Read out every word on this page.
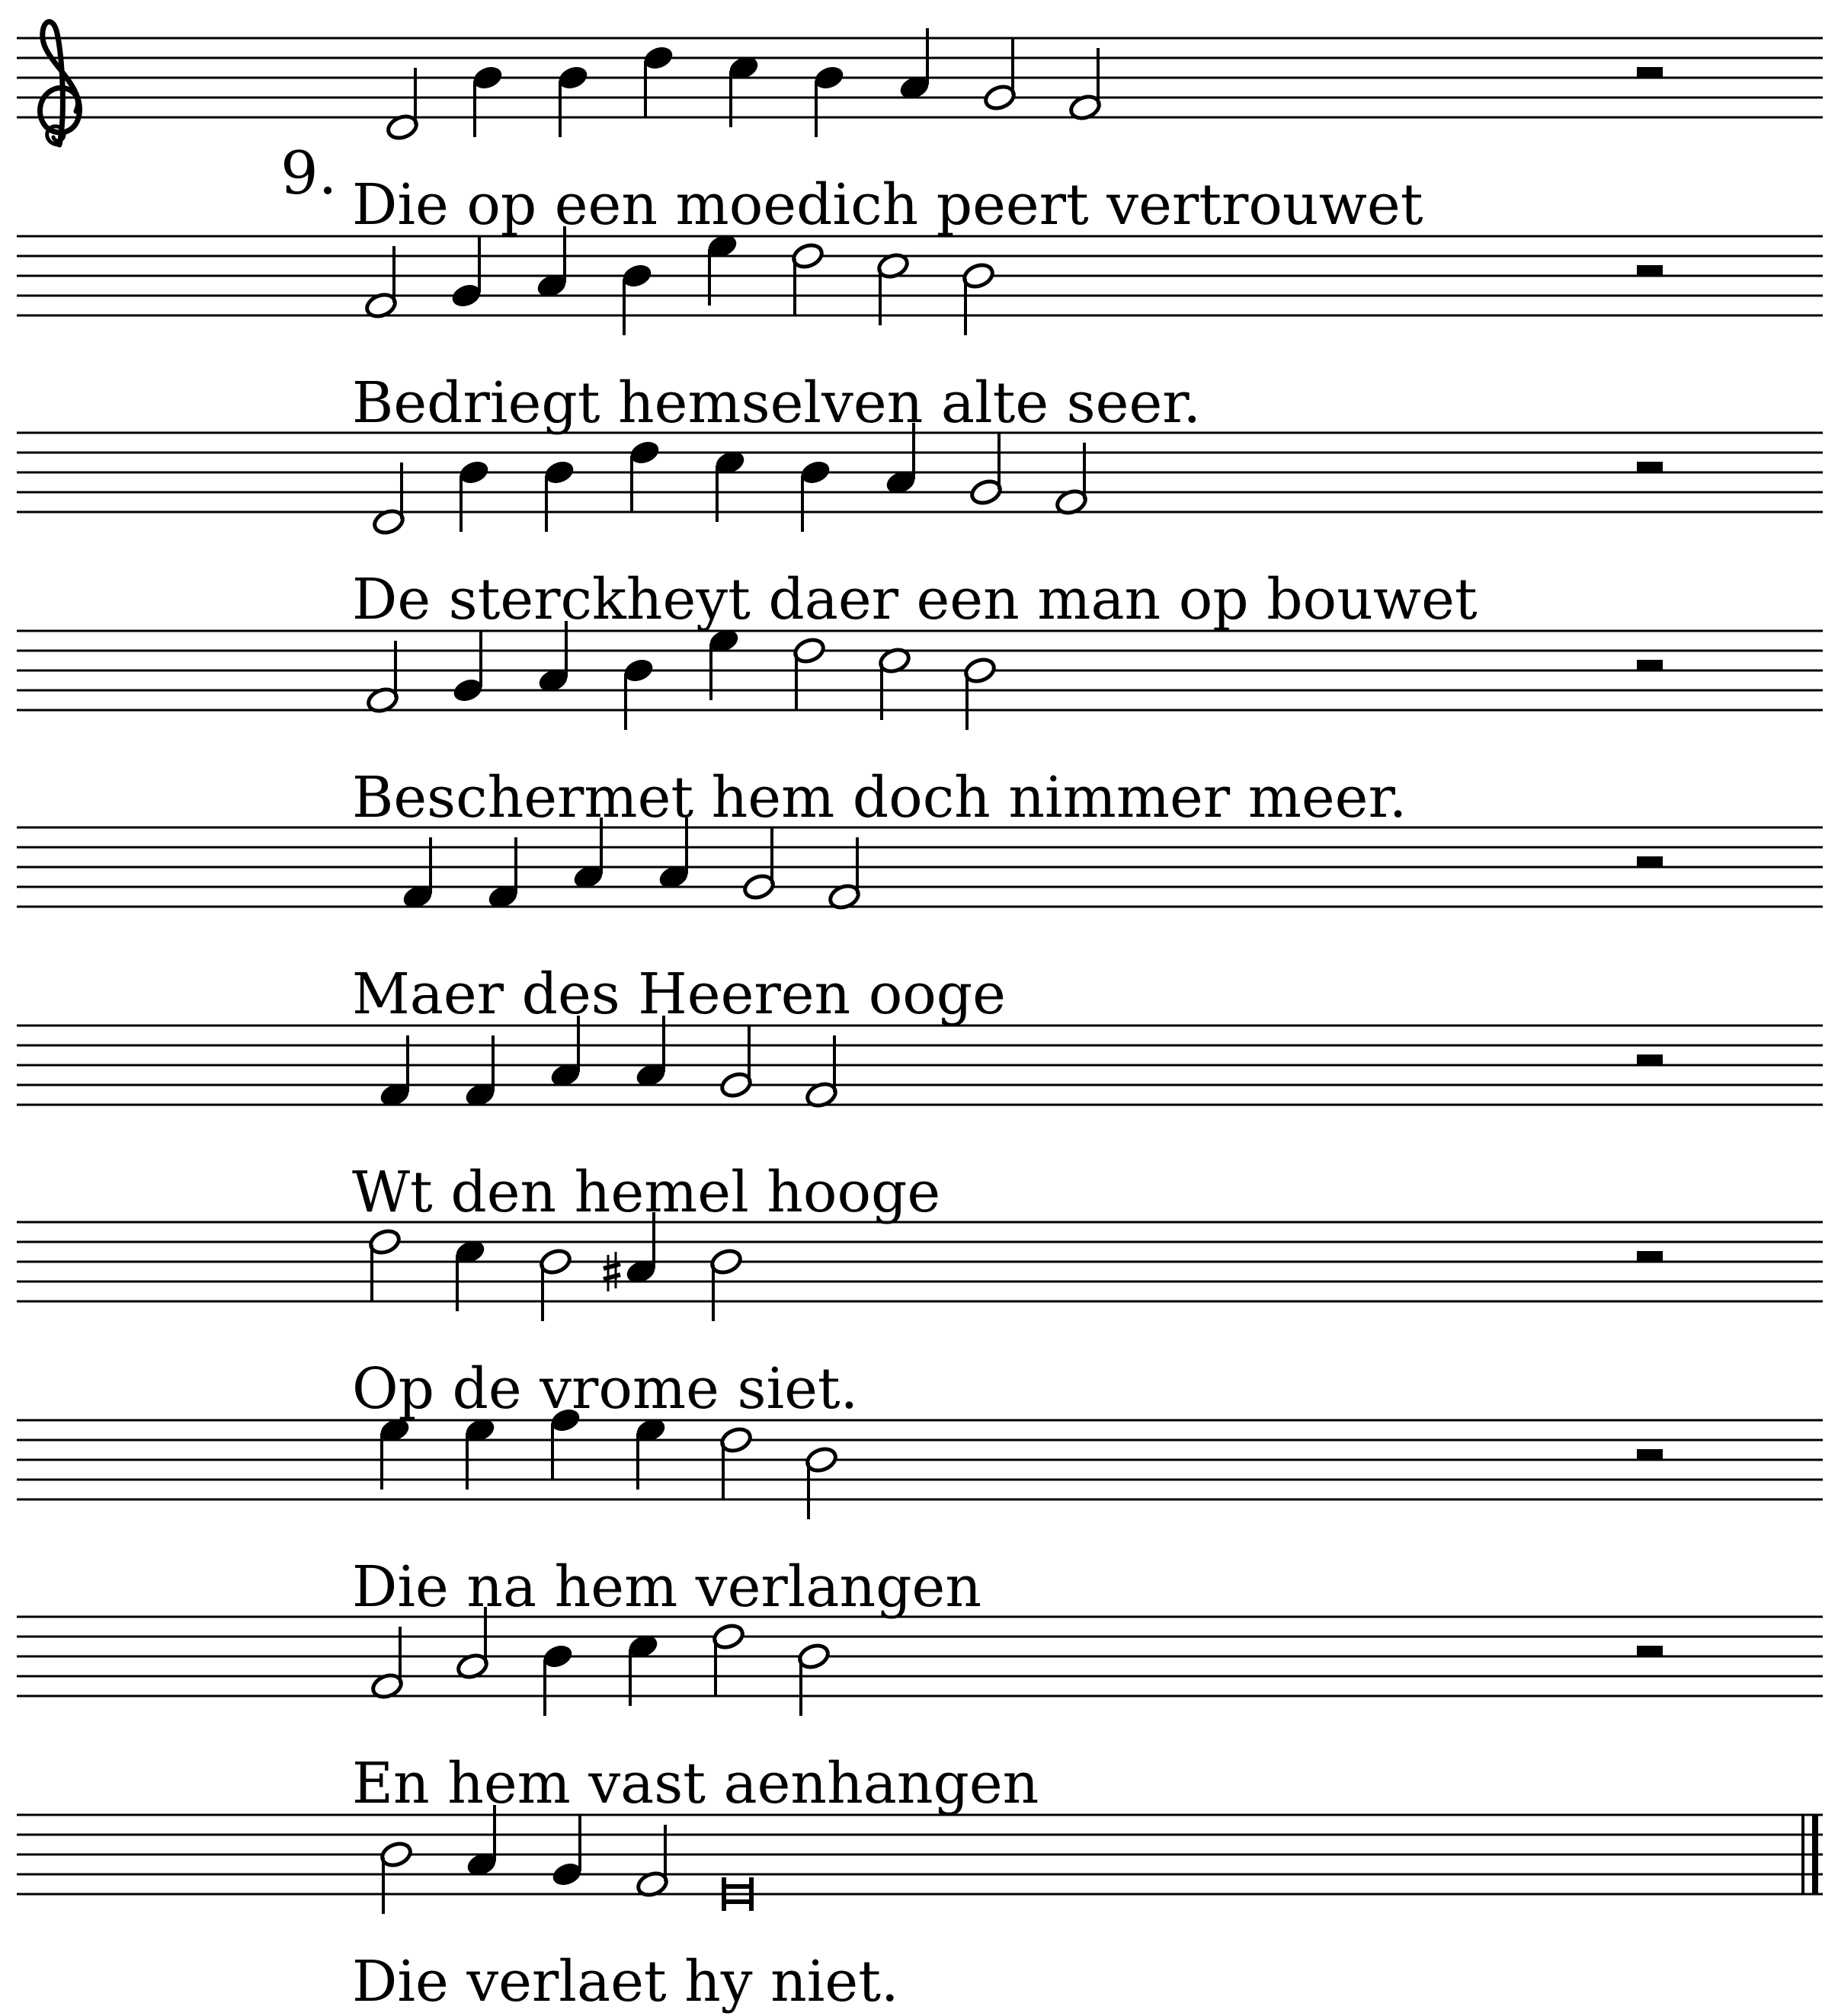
9. Die op een moedich peert vertrouwet
Bedriegt hemselven alte seer.
De sterckheyt daer een man op bouwet
Beschermet hem doch nimmer meer.
Maer des Heeren ooge
Wt den hemel hooge
Op de vrome siet.
Die na hem verlangen
En hem vast aenhangen
Die verlaet hy niet.
